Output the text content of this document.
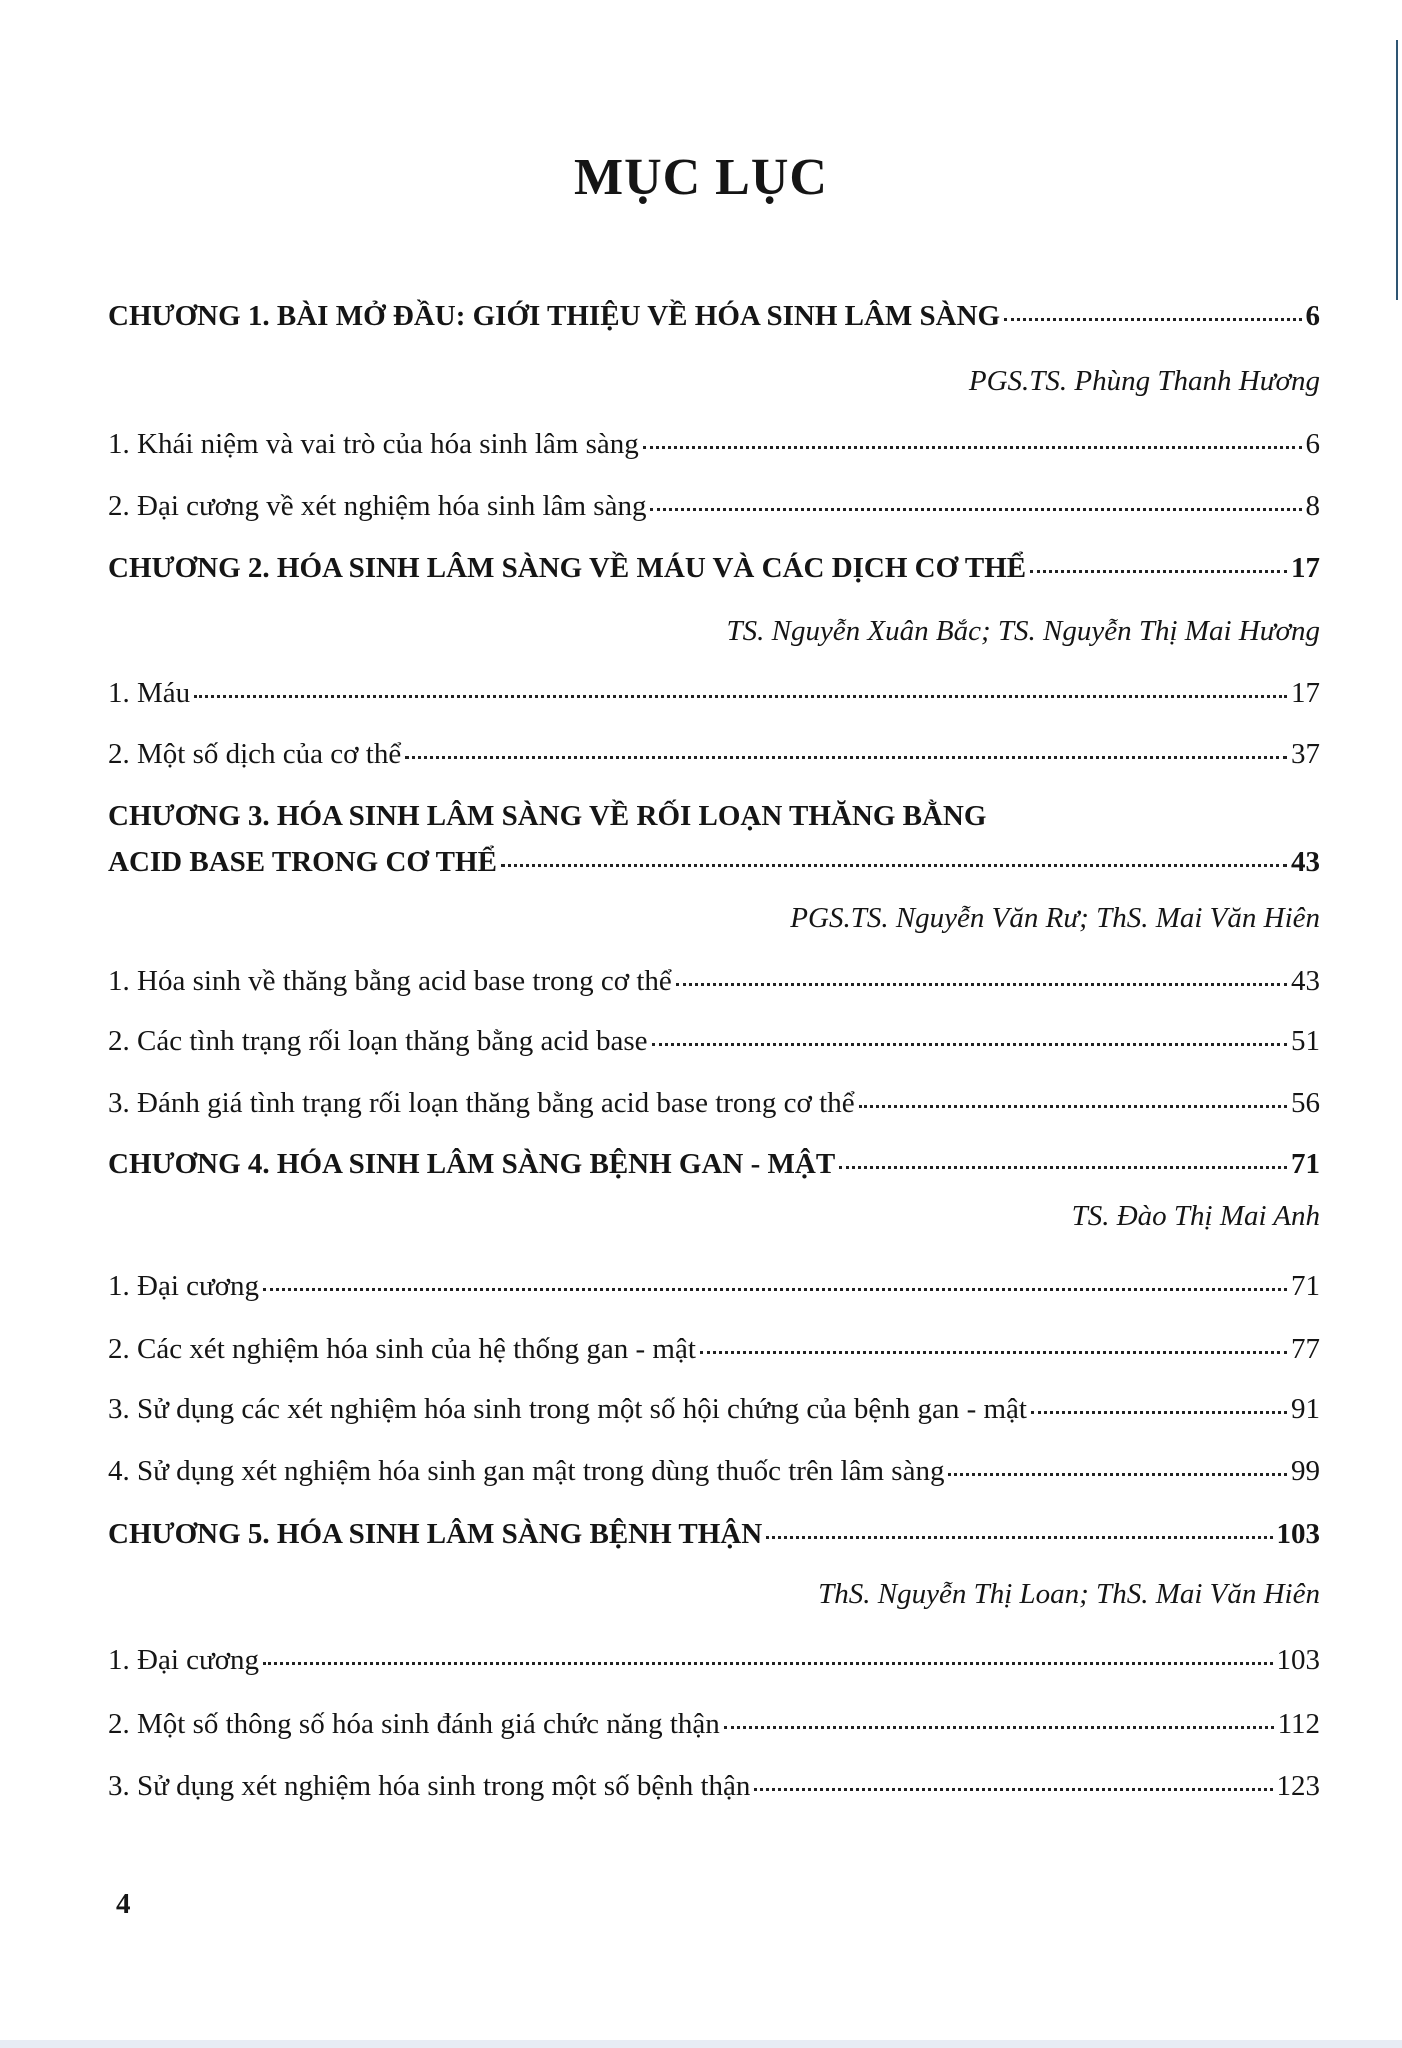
MỤC LỤC
CHƯƠNG 1. BÀI MỞ ĐẦU: GIỚI THIỆU VỀ HÓA SINH LÂM SÀNG	6
PGS.TS. Phùng Thanh Hương
1. Khái niệm và vai trò của hóa sinh lâm sàng	6
2. Đại cương về xét nghiệm hóa sinh lâm sàng	8
CHƯƠNG 2. HÓA SINH LÂM SÀNG VỀ MÁU VÀ CÁC DỊCH CƠ THỂ	17
TS. Nguyễn Xuân Bắc; TS. Nguyễn Thị Mai Hương
1. Máu	17
2. Một số dịch của cơ thể	37
CHƯƠNG 3. HÓA SINH LÂM SÀNG VỀ RỐI LOẠN THĂNG BẰNG
ACID BASE TRONG CƠ THỂ	43
PGS.TS. Nguyễn Văn Rư; ThS. Mai Văn Hiên
1. Hóa sinh về thăng bằng acid base trong cơ thể	43
2. Các tình trạng rối loạn thăng bằng acid base	51
3. Đánh giá tình trạng rối loạn thăng bằng acid base trong cơ thể	56
CHƯƠNG 4. HÓA SINH LÂM SÀNG BỆNH GAN - MẬT	71
TS. Đào Thị Mai Anh
1. Đại cương	71
2. Các xét nghiệm hóa sinh của hệ thống gan - mật	77
3. Sử dụng các xét nghiệm hóa sinh trong một số hội chứng của bệnh gan - mật	91
4. Sử dụng xét nghiệm hóa sinh gan mật trong dùng thuốc trên lâm sàng	99
CHƯƠNG 5. HÓA SINH LÂM SÀNG BỆNH THẬN	103
ThS. Nguyễn Thị Loan; ThS. Mai Văn Hiên
1. Đại cương	103
2. Một số thông số hóa sinh đánh giá chức năng thận	112
3. Sử dụng xét nghiệm hóa sinh trong một số bệnh thận	123
4
